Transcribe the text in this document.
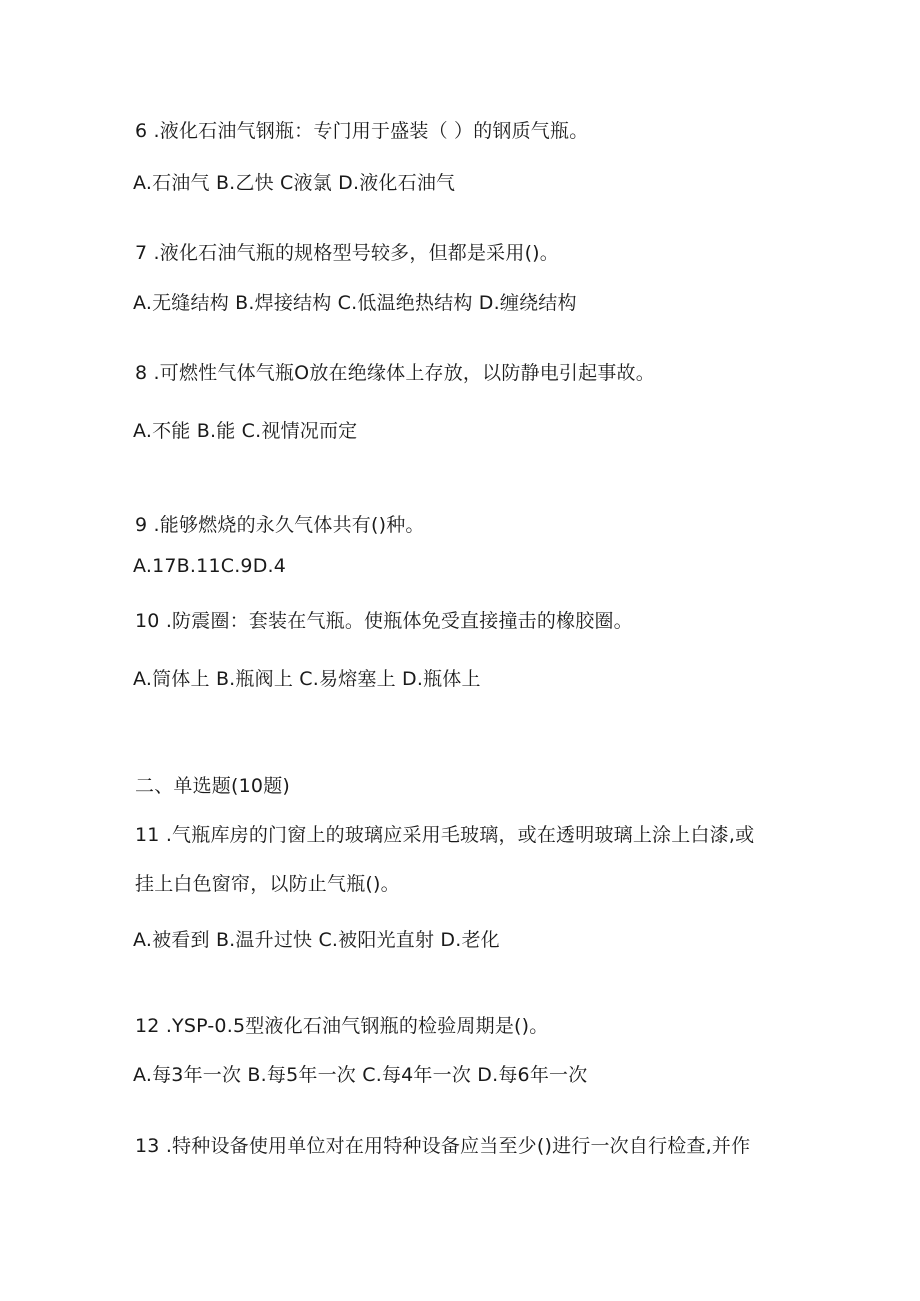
6 .液化石油气钢瓶：专门用于盛装（ ）的钢质气瓶。
A.石油气 B.乙快 C液氯 D.液化石油气
7 .液化石油气瓶的规格型号较多，但都是采用()。
A.无缝结构 B.焊接结构 C.低温绝热结构 D.缠绕结构
8 .可燃性气体气瓶O放在绝缘体上存放，以防静电引起事故。
A.不能 B.能 C.视情况而定
9 .能够燃烧的永久气体共有()种。
A.17B.11C.9D.4
10 .防震圈：套装在气瓶。使瓶体免受直接撞击的橡胶圈。
A.筒体上 B.瓶阀上 C.易熔塞上 D.瓶体上
二、单选题(10题)
11 .气瓶库房的门窗上的玻璃应采用毛玻璃，或在透明玻璃上涂上白漆,或
挂上白色窗帘，以防止气瓶()。
A.被看到 B.温升过快 C.被阳光直射 D.老化
12 .YSP-0.5型液化石油气钢瓶的检验周期是()。
A.每3年一次 B.每5年一次 C.每4年一次 D.每6年一次
13 .特种设备使用单位对在用特种设备应当至少()进行一次自行检查,并作
